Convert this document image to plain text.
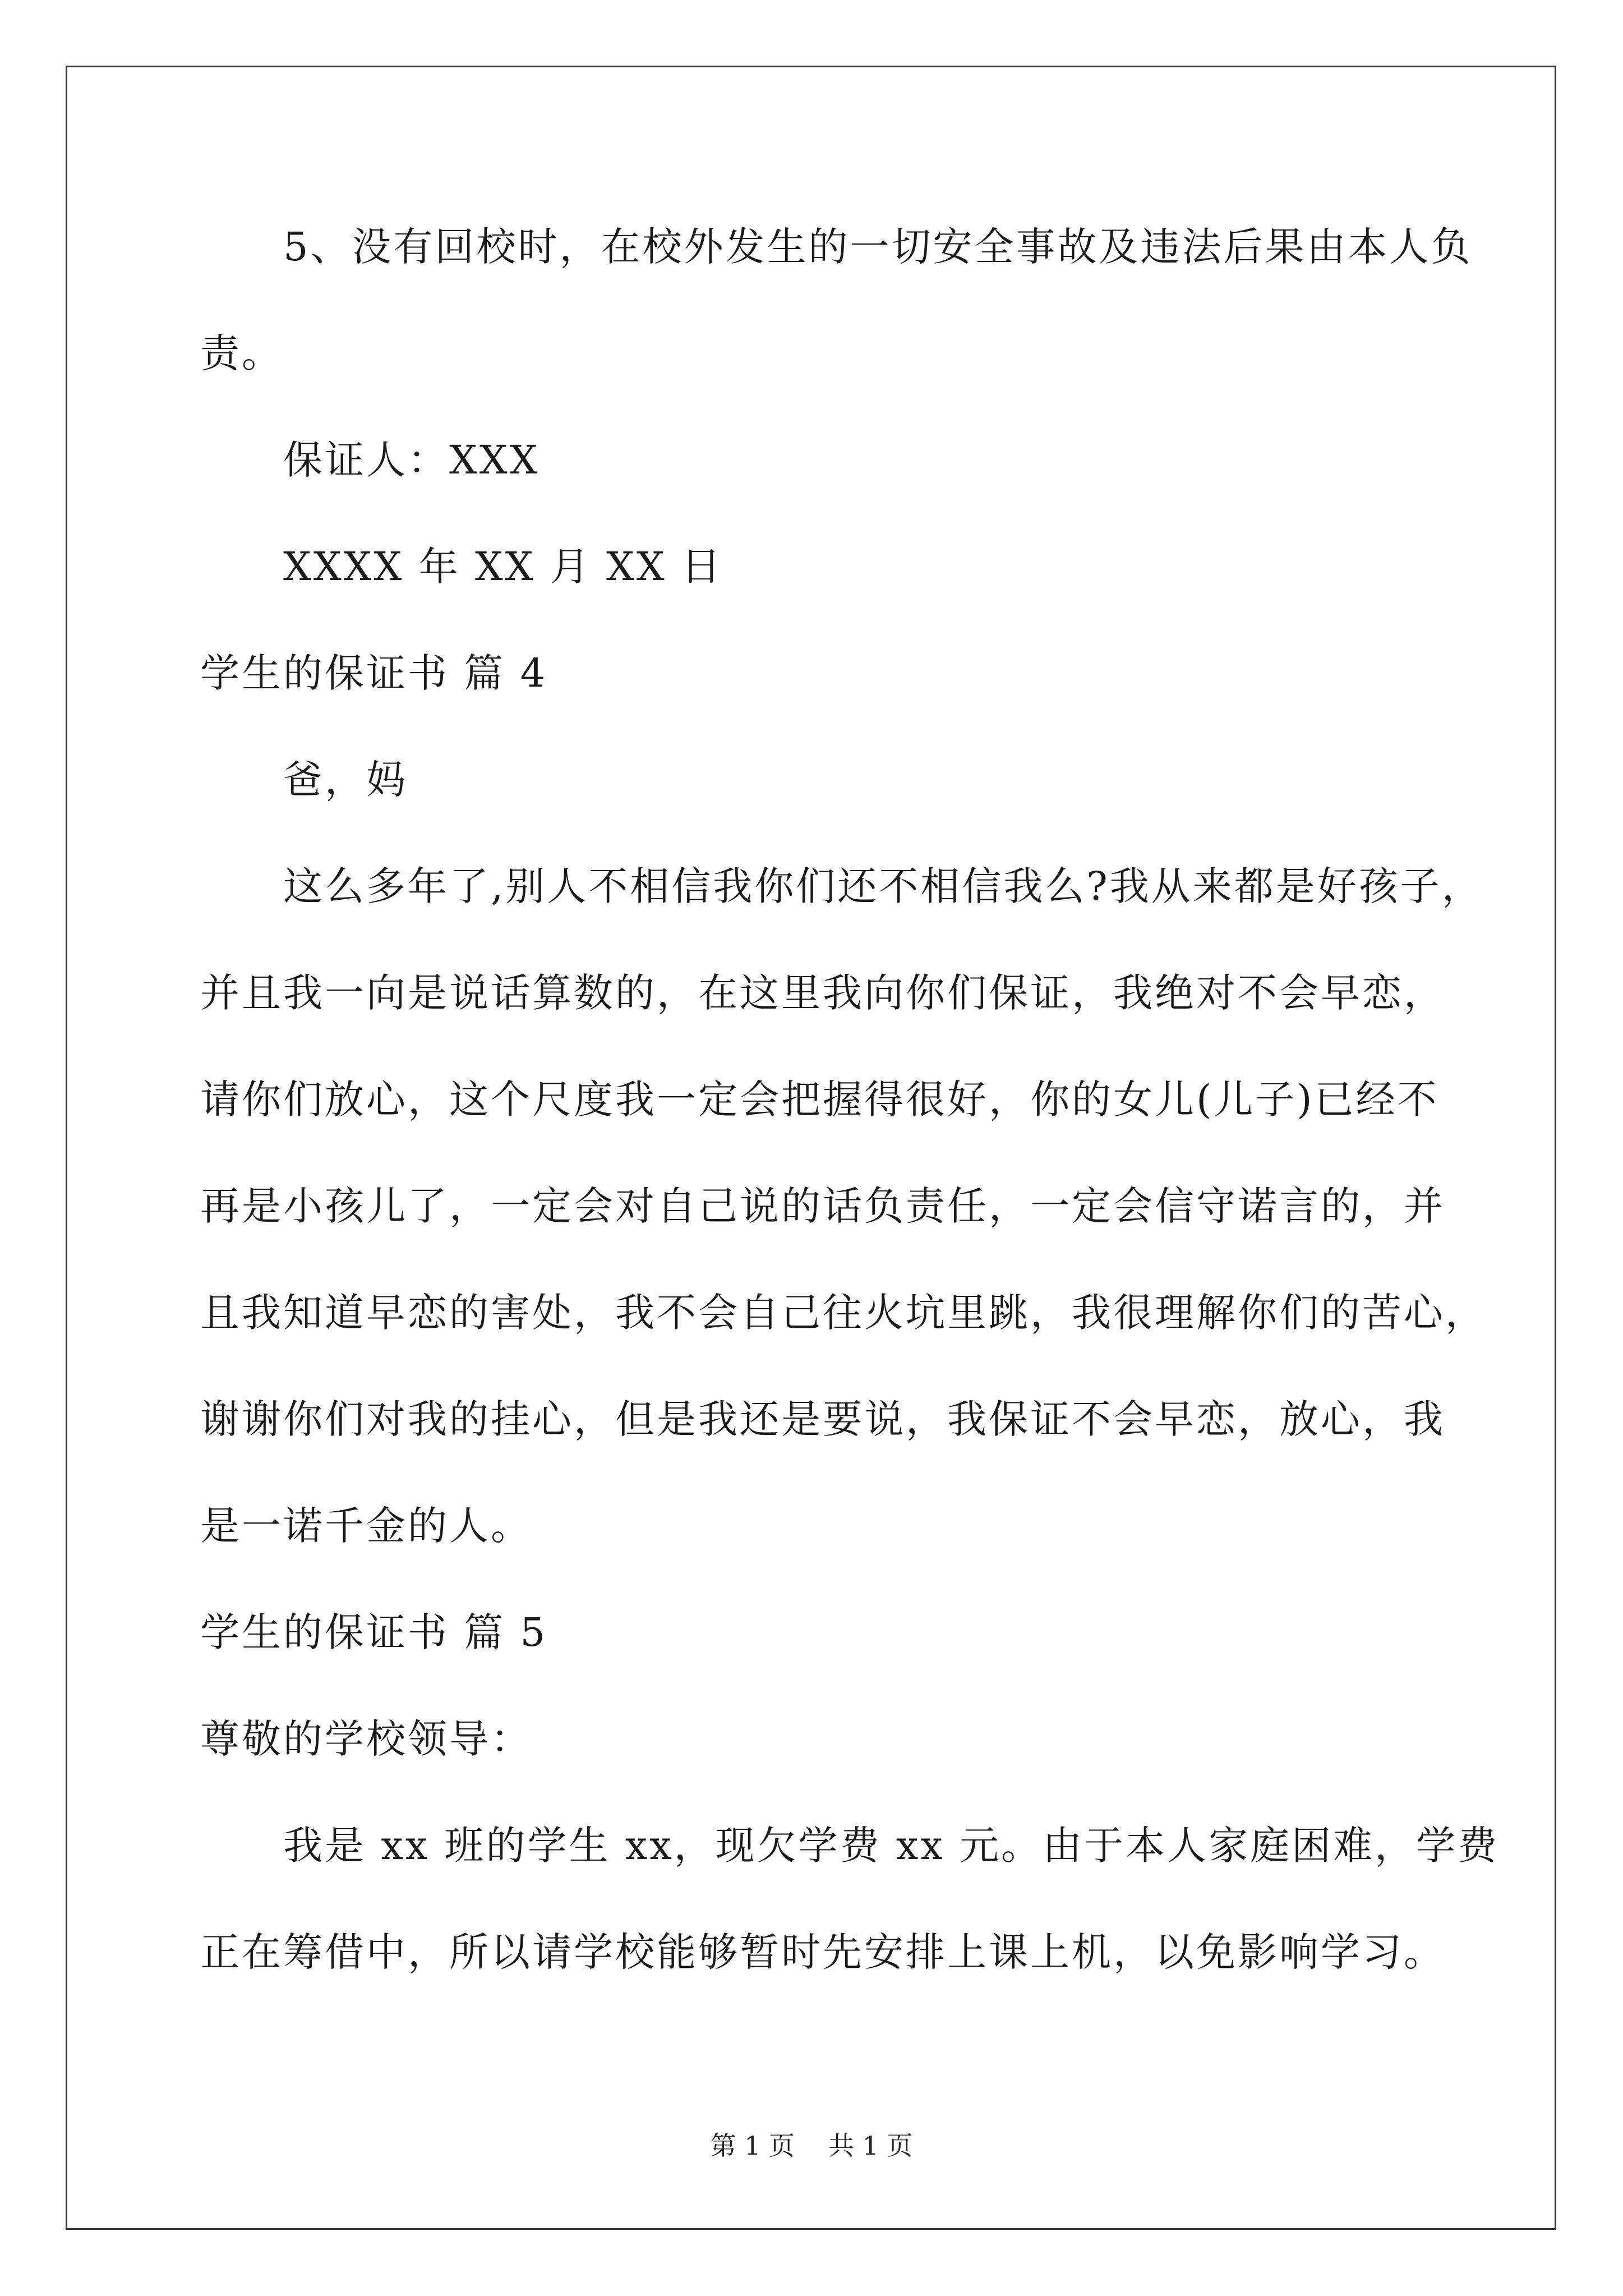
5、没有回校时，在校外发生的一切安全事故及违法后果由本人负
责。
保证人：XXX
XXXX 年 XX 月 XX 日
学生的保证书 篇 4
爸，妈
这么多年了,别人不相信我你们还不相信我么?我从来都是好孩子，
并且我一向是说话算数的，在这里我向你们保证，我绝对不会早恋，
请你们放心，这个尺度我一定会把握得很好，你的女儿(儿子)已经不
再是小孩儿了，一定会对自己说的话负责任，一定会信守诺言的，并
且我知道早恋的害处，我不会自己往火坑里跳，我很理解你们的苦心，
谢谢你们对我的挂心，但是我还是要说，我保证不会早恋，放心，我
是一诺千金的人。
学生的保证书 篇 5
尊敬的学校领导：
我是 xx 班的学生 xx，现欠学费 xx 元。由于本人家庭困难，学费
正在筹借中，所以请学校能够暂时先安排上课上机，以免影响学习。
第 1 页 共 1 页
